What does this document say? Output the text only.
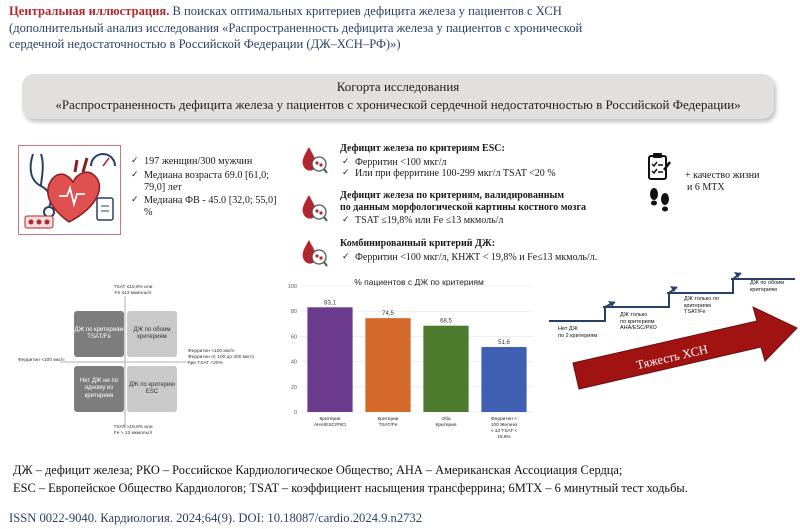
Центральная иллюстрация. В поисках оптимальных критериев дефицита железа у пациентов с ХСН
(дополнительный анализ исследования «Распространенность дефицита железа у пациентов с хронической
сердечной недостаточностью в Российской Федерации (ДЖ–ХСН–РФ)»)
Когорта исследования
«Распространенность дефицита железа у пациентов с хронической сердечной недостаточностью в Российской Федерации»
✓ 197 женщин/300 мужчин
✓ Медиана возраста 69.0 [61,0; 79,0] лет
✓ Медиана ФВ - 45.0 [32,0; 55,0] %
Дефицит железа по критериям ESC:
✓ Ферритин <100 мкг/л
✓ Или при ферритине 100-299 мкг/л TSAT <20 %
Дефицит железа по критериям, валидированным
по данным морфологической картины костного мозга
✓ TSAT ≤19,8% или Fe ≤13 мкмоль/л
Комбинированный критерий ДЖ:
✓ Ферритин <100 мкг/л, КНЖТ < 19,8% и Fe≤13 мкмоль/л.
+ качество жизни
и 6 МТХ
TSAT ≤19,8% или
Fe ≤13 мкмоль/л
ДЖ по критериям TSAT/Fe
ДЖ по обоим критериям
Нет ДЖ ни по одному из критериев
ДЖ по критерию ESC
Ферритин <100 мкг/л
Ферритин <100 мкг/л
Ферритин от 100 до 300 мкг/л
при TSAT <20%
TSAT >19,8% или
Fe > 13 мкмоль/л
% пациентов с ДЖ по критериям
0
20
40
60
80
100
83,1
Критерии АНА/ESC/РКО
74,5
Критерии TSAT/Fe
68,5
Оба Критерия
51,6
Ферритин < 100 Железо < 13 TSAT < 19,8%
Тяжесть ХСН
Нет ДЖ
по 2 критериям
ДЖ только
по критериям
АНА/ESC/РКО
ДЖ только по
критериям
TSAT/Fe
ДЖ по обоим
критериям
ДЖ – дефицит железа; РКО – Российское Кардиологическое Общество; АНА – Американская Ассоциация Сердца;
ESC – Европейское Общество Кардиологов; TSAT – коэффициент насыщения трансферрина; 6МТХ – 6 минутный тест ходьбы.
ISSN 0022-9040. Кардиология. 2024;64(9). DOI: 10.18087/cardio.2024.9.n2732
